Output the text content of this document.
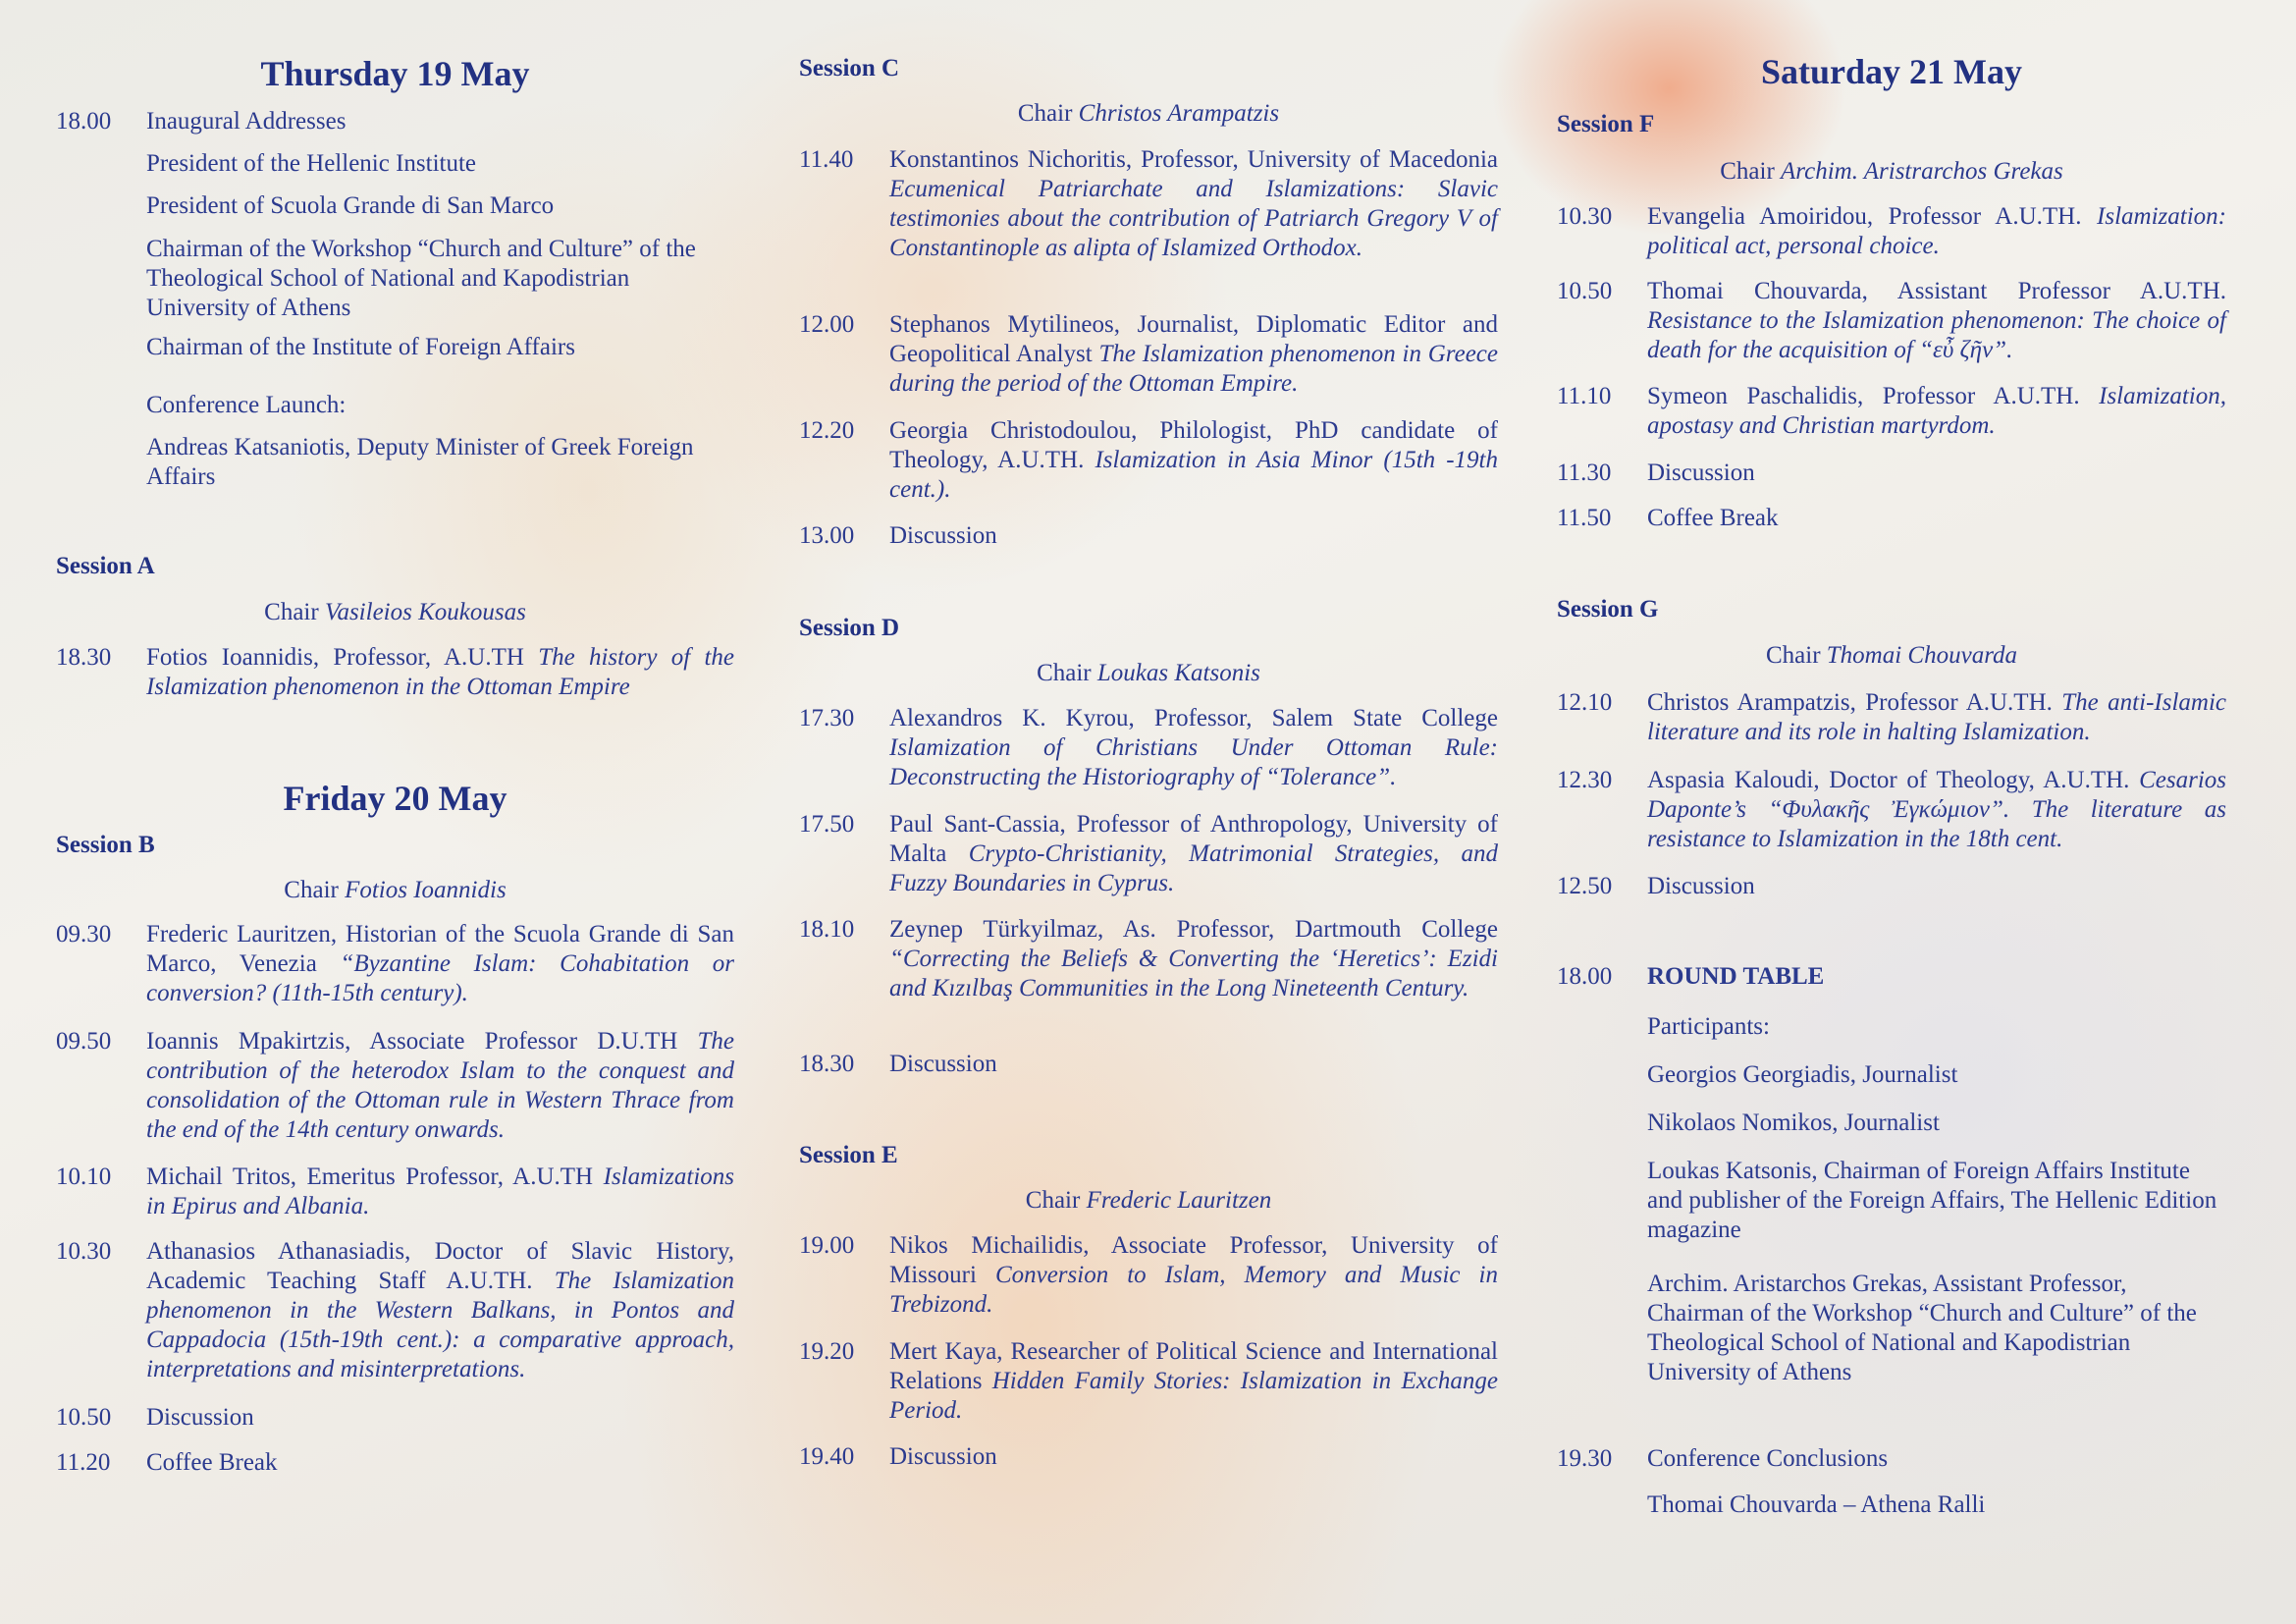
Thursday 19 May
18.00 Inaugural Addresses
President of the Hellenic Institute
President of Scuola Grande di San Marco
Chairman of the Workshop “Church and Culture” of the Theological School of National and Kapodistrian University of Athens
Chairman of the Institute of Foreign Affairs
Conference Launch:
Andreas Katsaniotis, Deputy Minister of Greek Foreign Affairs
Session A
Chair Vasileios Koukousas
18.30 Fotios Ioannidis, Professor, A.U.TH The history of the Islamization phenomenon in the Ottoman Empire
Friday 20 May
Session B
Chair Fotios Ioannidis
09.30 Frederic Lauritzen, Historian of the Scuola Grande di San Marco, Venezia “Byzantine Islam: Cohabitation or conversion? (11th-15th century).
09.50 Ioannis Mpakirtzis, Associate Professor D.U.TH The contribution of the heterodox Islam to the conquest and consolidation of the Ottoman rule in Western Thrace from the end of the 14th century onwards.
10.10 Michail Tritos, Emeritus Professor, A.U.TH Islamizations in Epirus and Albania.
10.30 Athanasios Athanasiadis, Doctor of Slavic History, Academic Teaching Staff A.U.TH. The Islamization phenomenon in the Western Balkans, in Pontos and Cappadocia (15th-19th cent.): a comparative approach, interpretations and misinterpretations.
10.50 Discussion
11.20 Coffee Break
Session C
Chair Christos Arampatzis
11.40 Konstantinos Nichoritis, Professor, University of Macedonia Ecumenical Patriarchate and Islamizations: Slavic testimonies about the contribution of Patriarch Gregory V of Constantinople as alipta of Islamized Orthodox.
12.00 Stephanos Mytilineos, Journalist, Diplomatic Editor and Geopolitical Analyst The Islamization phenomenon in Greece during the period of the Ottoman Empire.
12.20 Georgia Christodoulou, Philologist, PhD candidate of Theology, A.U.TH. Islamization in Asia Minor (15th -19th cent.).
13.00 Discussion
Session D
Chair Loukas Katsonis
17.30 Alexandros K. Kyrou, Professor, Salem State College Islamization of Christians Under Ottoman Rule: Deconstructing the Historiography of “Tolerance”.
17.50 Paul Sant-Cassia, Professor of Anthropology, University of Malta Crypto-Christianity, Matrimonial Strategies, and Fuzzy Boundaries in Cyprus.
18.10 Zeynep Türkyilmaz, As. Professor, Dartmouth College “Correcting the Beliefs & Converting the ‘Heretics’: Ezidi and Kızılbaş Communities in the Long Nineteenth Century.
18.30 Discussion
Session E
Chair Frederic Lauritzen
19.00 Nikos Michailidis, Associate Professor, University of Missouri Conversion to Islam, Memory and Music in Trebizond.
19.20 Mert Kaya, Researcher of Political Science and International Relations Hidden Family Stories: Islamization in Exchange Period.
19.40 Discussion
Saturday 21 May
Session F
Chair Archim. Aristrarchos Grekas
10.30 Evangelia Amoiridou, Professor A.U.TH. Islamization: political act, personal choice.
10.50 Thomai Chouvarda, Assistant Professor A.U.TH. Resistance to the Islamization phenomenon: The choice of death for the acquisition of “εὖ ζῆν”.
11.10 Symeon Paschalidis, Professor A.U.TH. Islamization, apostasy and Christian martyrdom.
11.30 Discussion
11.50 Coffee Break
Session G
Chair Thomai Chouvarda
12.10 Christos Arampatzis, Professor A.U.TH. The anti-Islamic literature and its role in halting Islamization.
12.30 Aspasia Kaloudi, Doctor of Theology, A.U.TH. Cesarios Daponte’s “Φυλακῆς Ἐγκώμιον”. The literature as resistance to Islamization in the 18th cent.
12.50 Discussion
18.00 ROUND TABLE
Participants:
Georgios Georgiadis, Journalist
Nikolaos Nomikos, Journalist
Loukas Katsonis, Chairman of Foreign Affairs Institute and publisher of the Foreign Affairs, The Hellenic Edition magazine
Archim. Aristarchos Grekas, Assistant Professor, Chairman of the Workshop “Church and Culture” of the Theological School of National and Kapodistrian University of Athens
19.30 Conference Conclusions
Thomai Chouvarda – Athena Ralli
